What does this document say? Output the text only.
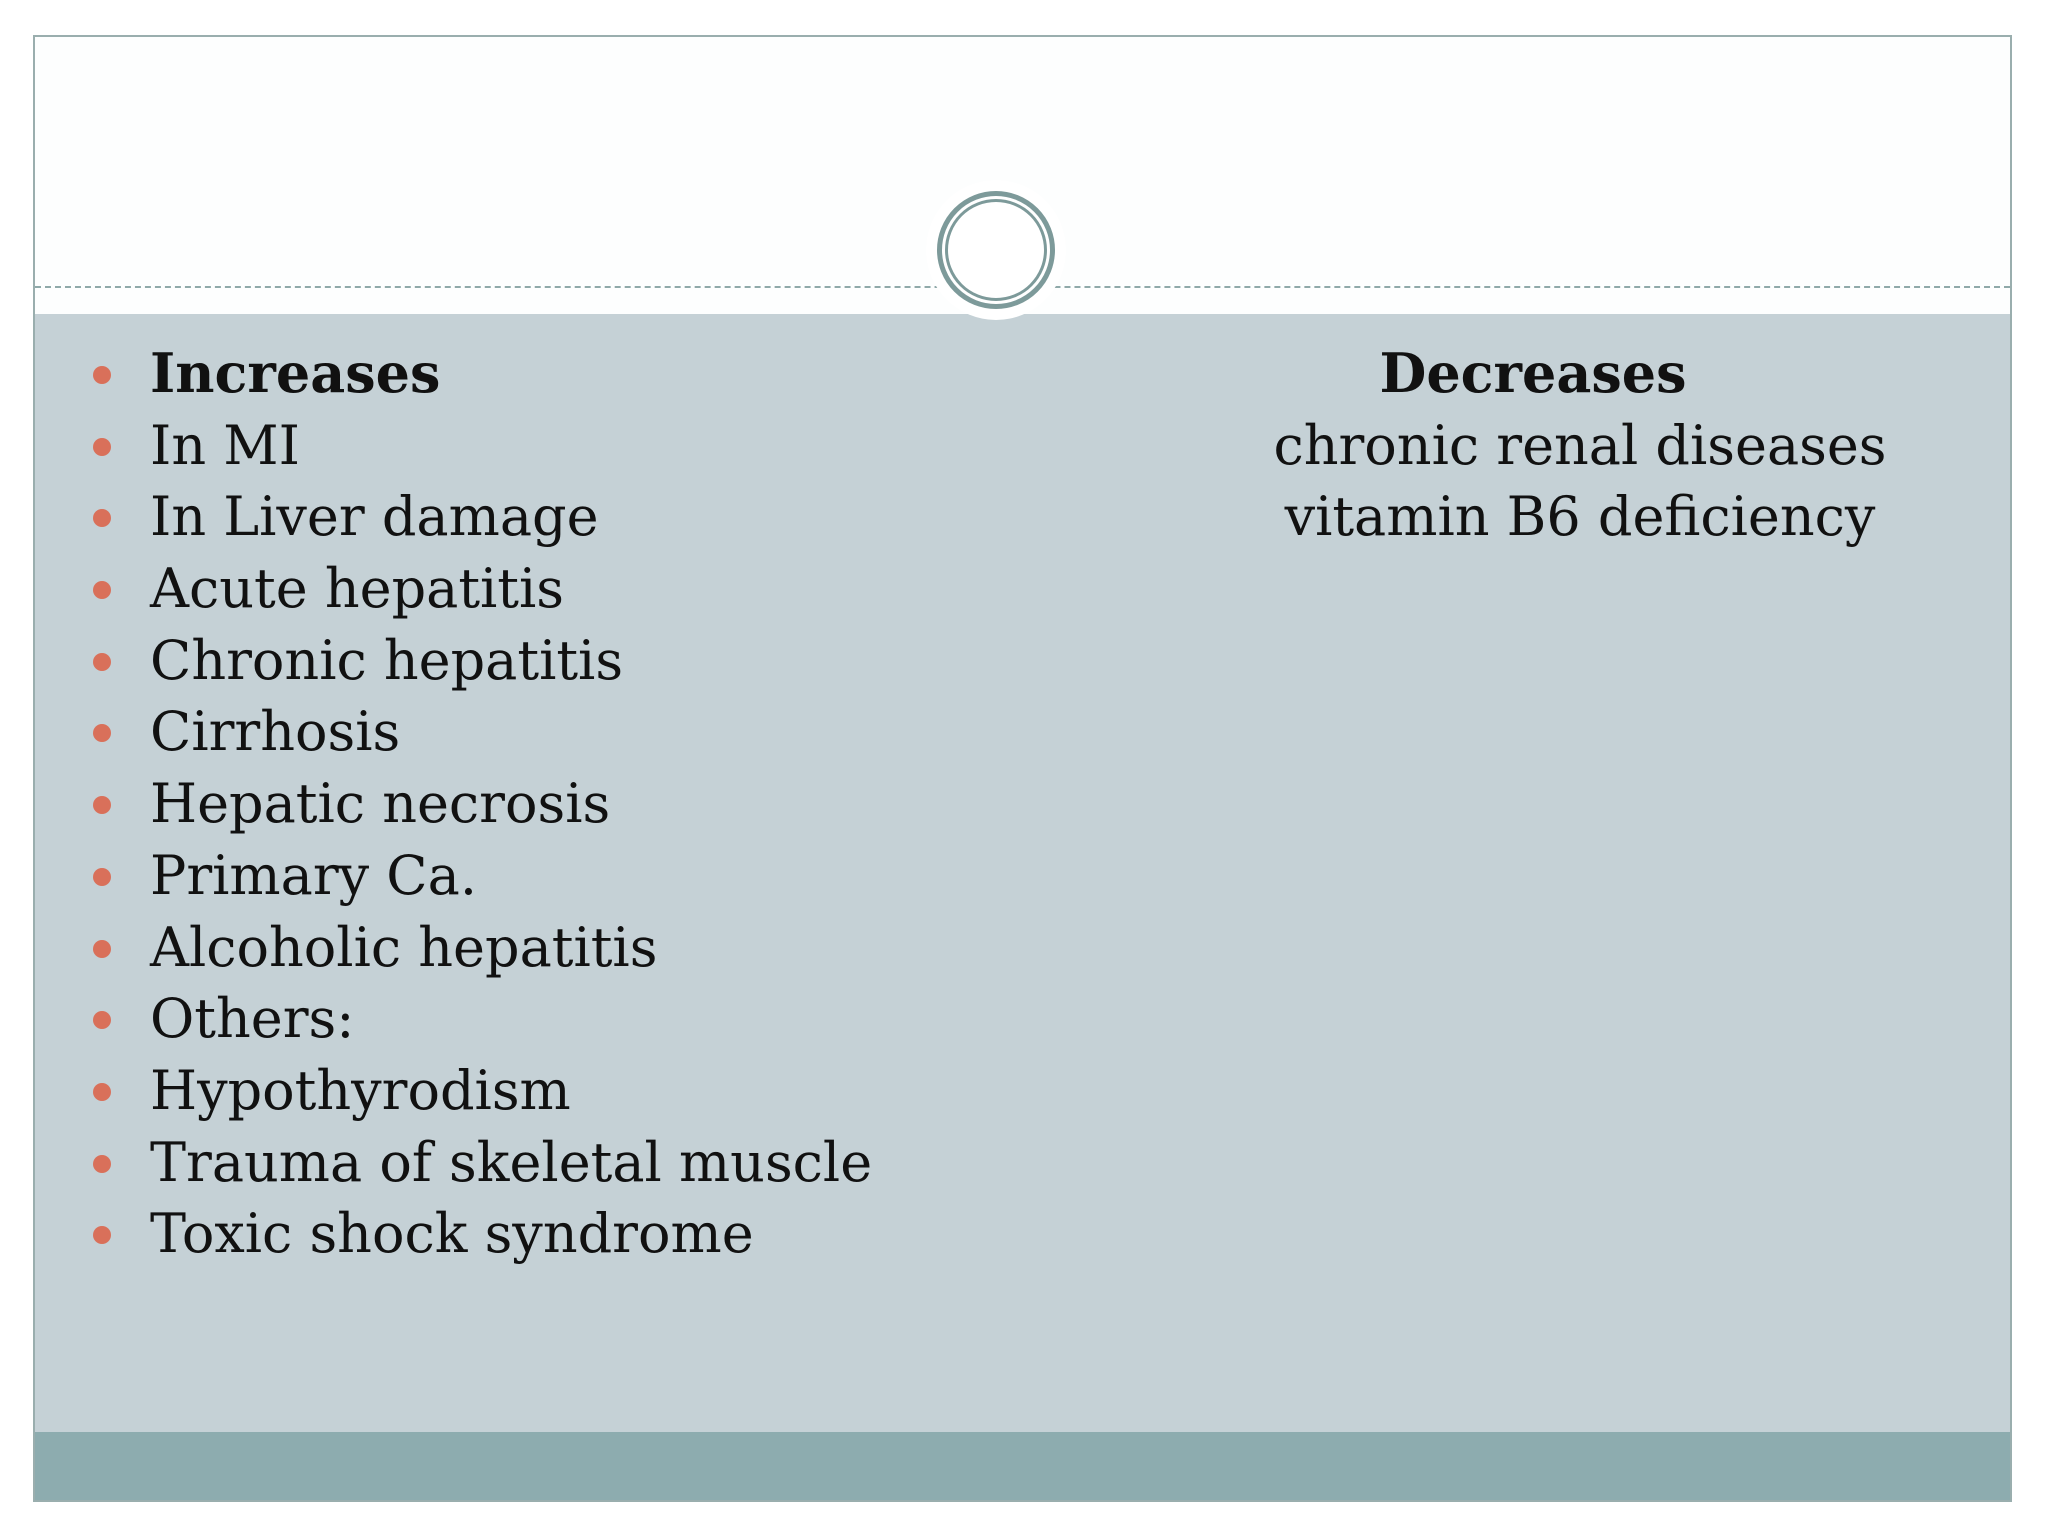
Increases
In MI
In Liver damage
Acute hepatitis
Chronic hepatitis
Cirrhosis
Hepatic necrosis
Primary Ca.
Alcoholic hepatitis
Others:
Hypothyrodism
Trauma of skeletal muscle
Toxic shock syndrome
Decreases
chronic renal diseases
vitamin B6 deficiency
